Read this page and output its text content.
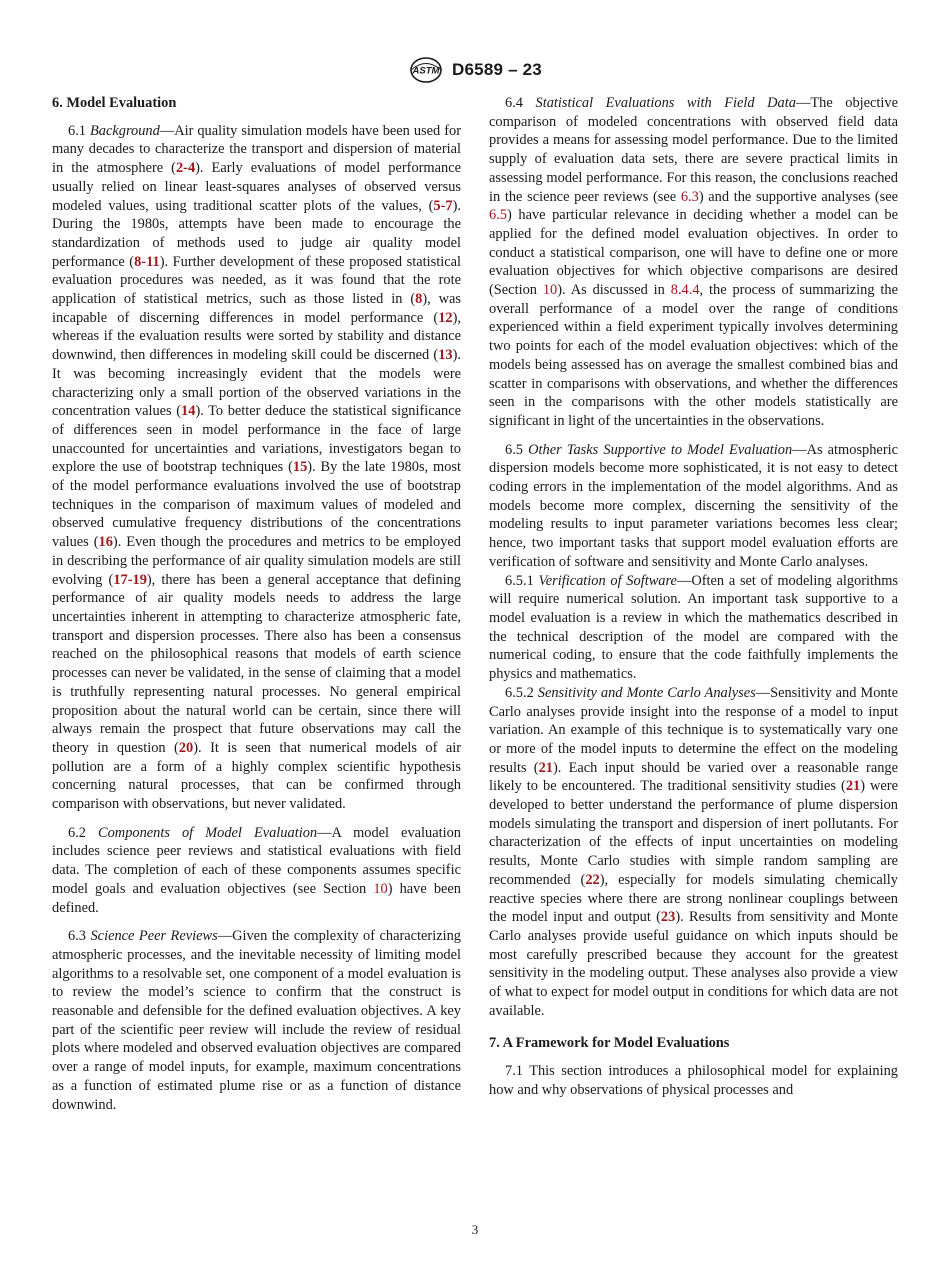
ASTM D6589 – 23
6. Model Evaluation

6.1 Background—Air quality simulation models have been used for many decades to characterize the transport and dispersion of material in the atmosphere (2-4). Early evaluations of model performance usually relied on linear least-squares analyses of observed versus modeled values, using traditional scatter plots of the values, (5-7). During the 1980s, attempts have been made to encourage the standardization of methods used to judge air quality model performance (8-11). Further development of these proposed statistical evaluation procedures was needed, as it was found that the rote application of statistical metrics, such as those listed in (8), was incapable of discerning differences in model performance (12), whereas if the evaluation results were sorted by stability and distance downwind, then differences in modeling skill could be discerned (13). It was becoming increasingly evident that the models were characterizing only a small portion of the observed variations in the concentration values (14). To better deduce the statistical significance of differences seen in model performance in the face of large unaccounted for uncertainties and variations, investigators began to explore the use of bootstrap techniques (15). By the late 1980s, most of the model performance evaluations involved the use of bootstrap techniques in the comparison of maximum values of modeled and observed cumulative frequency distributions of the concentrations values (16). Even though the procedures and metrics to be employed in describing the performance of air quality simulation models are still evolving (17-19), there has been a general acceptance that defining performance of air quality models needs to address the large uncertainties inherent in attempting to characterize atmospheric fate, transport and dispersion processes. There also has been a consensus reached on the philosophical reasons that models of earth science processes can never be validated, in the sense of claiming that a model is truthfully representing natural processes. No general empirical proposition about the natural world can be certain, since there will always remain the prospect that future observations may call the theory in question (20). It is seen that numerical models of air pollution are a form of a highly complex scientific hypothesis concerning natural processes, that can be confirmed through comparison with observations, but never validated.

6.2 Components of Model Evaluation—A model evaluation includes science peer reviews and statistical evaluations with field data. The completion of each of these components assumes specific model goals and evaluation objectives (see Section 10) have been defined.

6.3 Science Peer Reviews—Given the complexity of characterizing atmospheric processes, and the inevitable necessity of limiting model algorithms to a resolvable set, one component of a model evaluation is to review the model’s science to confirm that the construct is reasonable and defensible for the defined evaluation objectives. A key part of the scientific peer review will include the review of residual plots where modeled and observed evaluation objectives are compared over a range of model inputs, for example, maximum concentrations as a function of estimated plume rise or as a function of distance downwind.

6.4 Statistical Evaluations with Field Data—The objective comparison of modeled concentrations with observed field data provides a means for assessing model performance. Due to the limited supply of evaluation data sets, there are severe practical limits in assessing model performance. For this reason, the conclusions reached in the science peer reviews (see 6.3) and the supportive analyses (see 6.5) have particular relevance in deciding whether a model can be applied for the defined model evaluation objectives. In order to conduct a statistical comparison, one will have to define one or more evaluation objectives for which objective comparisons are desired (Section 10). As discussed in 8.4.4, the process of summarizing the overall performance of a model over the range of conditions experienced within a field experiment typically involves determining two points for each of the model evaluation objectives: which of the models being assessed has on average the smallest combined bias and scatter in comparisons with observations, and whether the differences seen in the comparisons with the other models statistically are significant in light of the uncertainties in the observations.

6.5 Other Tasks Supportive to Model Evaluation—As atmospheric dispersion models become more sophisticated, it is not easy to detect coding errors in the implementation of the model algorithms. And as models become more complex, discerning the sensitivity of the modeling results to input parameter variations becomes less clear; hence, two important tasks that support model evaluation efforts are verification of software and sensitivity and Monte Carlo analyses.

6.5.1 Verification of Software—Often a set of modeling algorithms will require numerical solution. An important task supportive to a model evaluation is a review in which the mathematics described in the technical description of the model are compared with the numerical coding, to ensure that the code faithfully implements the physics and mathematics.

6.5.2 Sensitivity and Monte Carlo Analyses—Sensitivity and Monte Carlo analyses provide insight into the response of a model to input variation. An example of this technique is to systematically vary one or more of the model inputs to determine the effect on the modeling results (21). Each input should be varied over a reasonable range likely to be encountered. The traditional sensitivity studies (21) were developed to better understand the performance of plume dispersion models simulating the transport and dispersion of inert pollutants. For characterization of the effects of input uncertainties on modeling results, Monte Carlo studies with simple random sampling are recommended (22), especially for models simulating chemically reactive species where there are strong nonlinear couplings between the model input and output (23). Results from sensitivity and Monte Carlo analyses provide useful guidance on which inputs should be most carefully prescribed because they account for the greatest sensitivity in the modeling output. These analyses also provide a view of what to expect for model output in conditions for which data are not available.

7. A Framework for Model Evaluations

7.1 This section introduces a philosophical model for explaining how and why observations of physical processes and

3
